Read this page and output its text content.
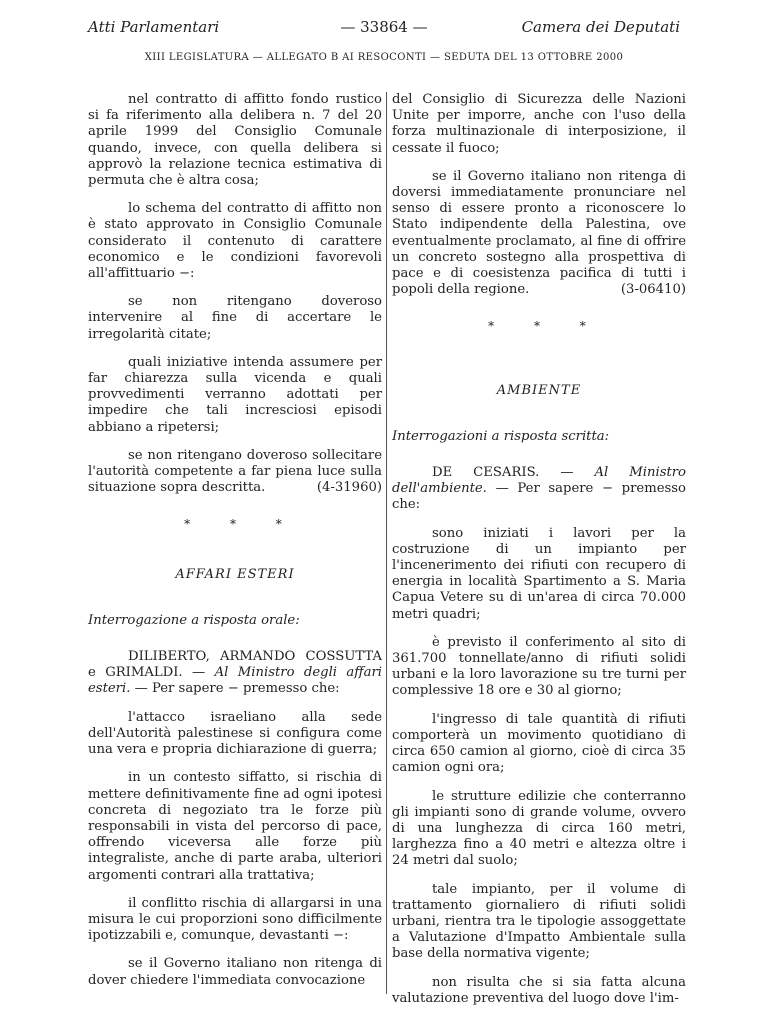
Atti Parlamentari	— 33864 —	Camera dei Deputati
XIII LEGISLATURA — ALLEGATO B AI RESOCONTI — SEDUTA DEL 13 OTTOBRE 2000

nel contratto di affitto fondo rustico si fa riferimento alla delibera n. 7 del 20 aprile 1999 del Consiglio Comunale quando, invece, con quella delibera si approvò la relazione tecnica estimativa di permuta che è altra cosa;

lo schema del contratto di affitto non è stato approvato in Consiglio Comunale considerato il contenuto di carattere economico e le condizioni favorevoli all'affittuario −:

se non ritengano doveroso intervenire al fine di accertare le irregolarità citate;

quali iniziative intenda assumere per far chiarezza sulla vicenda e quali provvedimenti verranno adottati per impedire che tali incresciosi episodi abbiano a ripetersi;

se non ritengano doveroso sollecitare l'autorità competente a far piena luce sulla situazione sopra descritta.	(4-31960)

* * *
AFFARI ESTERI
Interrogazione a risposta orale:

DILIBERTO, ARMANDO COSSUTTA e GRIMALDI. — Al Ministro degli affari esteri. — Per sapere − premesso che:

l'attacco israeliano alla sede dell'Autorità palestinese si configura come una vera e propria dichiarazione di guerra;

in un contesto siffatto, si rischia di mettere definitivamente fine ad ogni ipotesi concreta di negoziato tra le forze più responsabili in vista del percorso di pace, offrendo viceversa alle forze più integraliste, anche di parte araba, ulteriori argomenti contrari alla trattativa;

il conflitto rischia di allargarsi in una misura le cui proporzioni sono difficilmente ipotizzabili e, comunque, devastanti −:

se il Governo italiano non ritenga di dover chiedere l'immediata convocazione

del Consiglio di Sicurezza delle Nazioni Unite per imporre, anche con l'uso della forza multinazionale di interposizione, il cessate il fuoco;

se il Governo italiano non ritenga di doversi immediatamente pronunciare nel senso di essere pronto a riconoscere lo Stato indipendente della Palestina, ove eventualmente proclamato, al fine di offrire un concreto sostegno alla prospettiva di pace e di coesistenza pacifica di tutti i popoli della regione.	(3-06410)

* * *
AMBIENTE
Interrogazioni a risposta scritta:

DE CESARIS. — Al Ministro dell'ambiente. — Per sapere − premesso che:

sono iniziati i lavori per la costruzione di un impianto per l'incenerimento dei rifiuti con recupero di energia in località Spartimento a S. Maria Capua Vetere su di un'area di circa 70.000 metri quadri;

è previsto il conferimento al sito di 361.700 tonnellate/anno di rifiuti solidi urbani e la loro lavorazione su tre turni per complessive 18 ore e 30 al giorno;

l'ingresso di tale quantità di rifiuti comporterà un movimento quotidiano di circa 650 camion al giorno, cioè di circa 35 camion ogni ora;

le strutture edilizie che conterranno gli impianti sono di grande volume, ovvero di una lunghezza di circa 160 metri, larghezza fino a 40 metri e altezza oltre i 24 metri dal suolo;

tale impianto, per il volume di trattamento giornaliero di rifiuti solidi urbani, rientra tra le tipologie assoggettate a Valutazione d'Impatto Ambientale sulla base della normativa vigente;

non risulta che si sia fatta alcuna valutazione preventiva del luogo dove l'im-
